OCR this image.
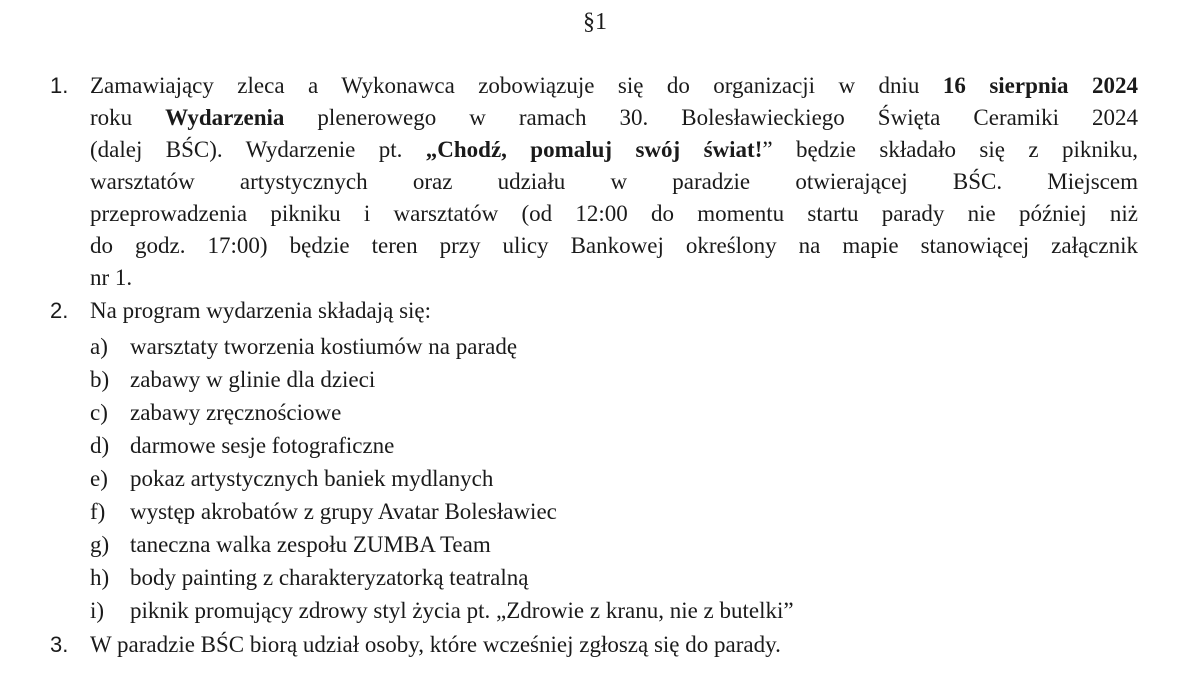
§1
1. Zamawiający zleca a Wykonawca zobowiązuje się do organizacji w dniu 16 sierpnia 2024
roku Wydarzenia plenerowego w ramach 30. Bolesławieckiego Święta Ceramiki 2024
(dalej BŚC). Wydarzenie pt. „Chodź, pomaluj swój świat!” będzie składało się z pikniku,
warsztatów artystycznych oraz udziału w paradzie otwierającej BŚC. Miejscem
przeprowadzenia pikniku i warsztatów (od 12:00 do momentu startu parady nie później niż
do godz. 17:00) będzie teren przy ulicy Bankowej określony na mapie stanowiącej załącznik
nr 1.
2. Na program wydarzenia składają się:
a) warsztaty tworzenia kostiumów na paradę
b) zabawy w glinie dla dzieci
c) zabawy zręcznościowe
d) darmowe sesje fotograficzne
e) pokaz artystycznych baniek mydlanych
f) występ akrobatów z grupy Avatar Bolesławiec
g) taneczna walka zespołu ZUMBA Team
h) body painting z charakteryzatorką teatralną
i) piknik promujący zdrowy styl życia pt. „Zdrowie z kranu, nie z butelki”
3. W paradzie BŚC biorą udział osoby, które wcześniej zgłoszą się do parady.
